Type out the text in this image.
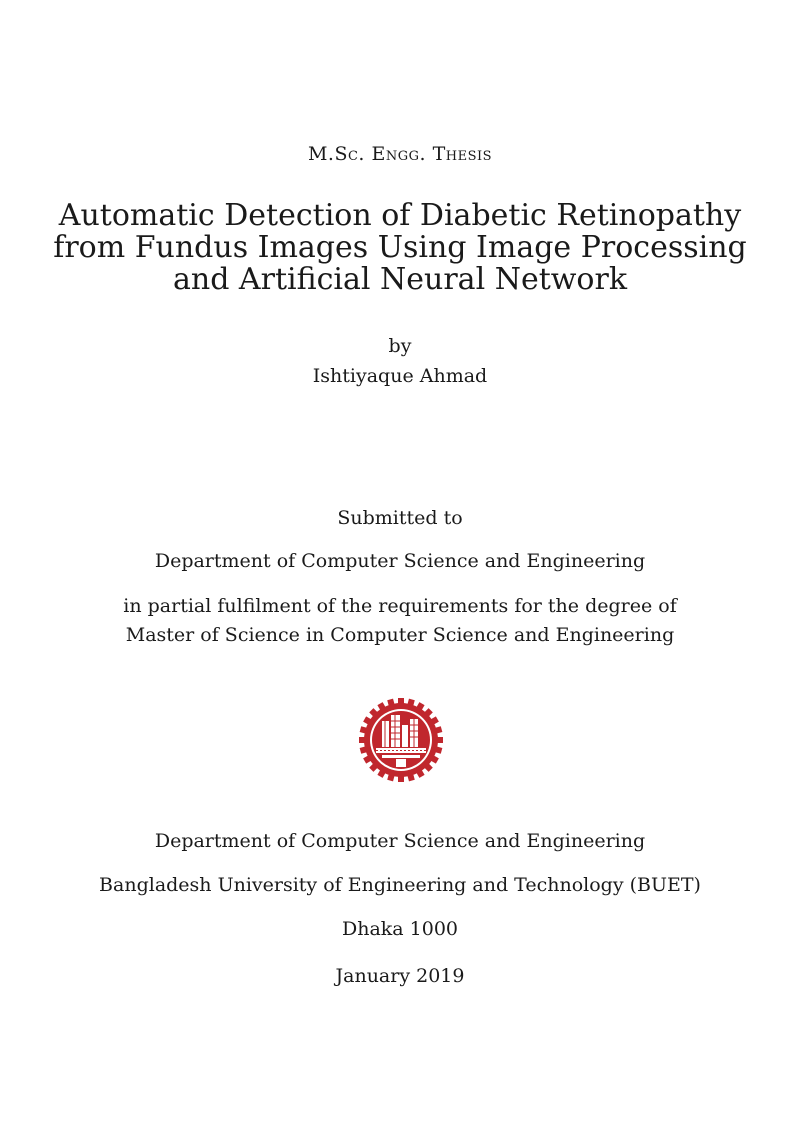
M.Sc. Engg. Thesis
Automatic Detection of Diabetic Retinopathy
from Fundus Images Using Image Processing
and Artificial Neural Network
by
Ishtiyaque Ahmad
Submitted to
Department of Computer Science and Engineering
in partial fulfilment of the requirements for the degree of
Master of Science in Computer Science and Engineering
Department of Computer Science and Engineering
Bangladesh University of Engineering and Technology (BUET)
Dhaka 1000
January 2019
